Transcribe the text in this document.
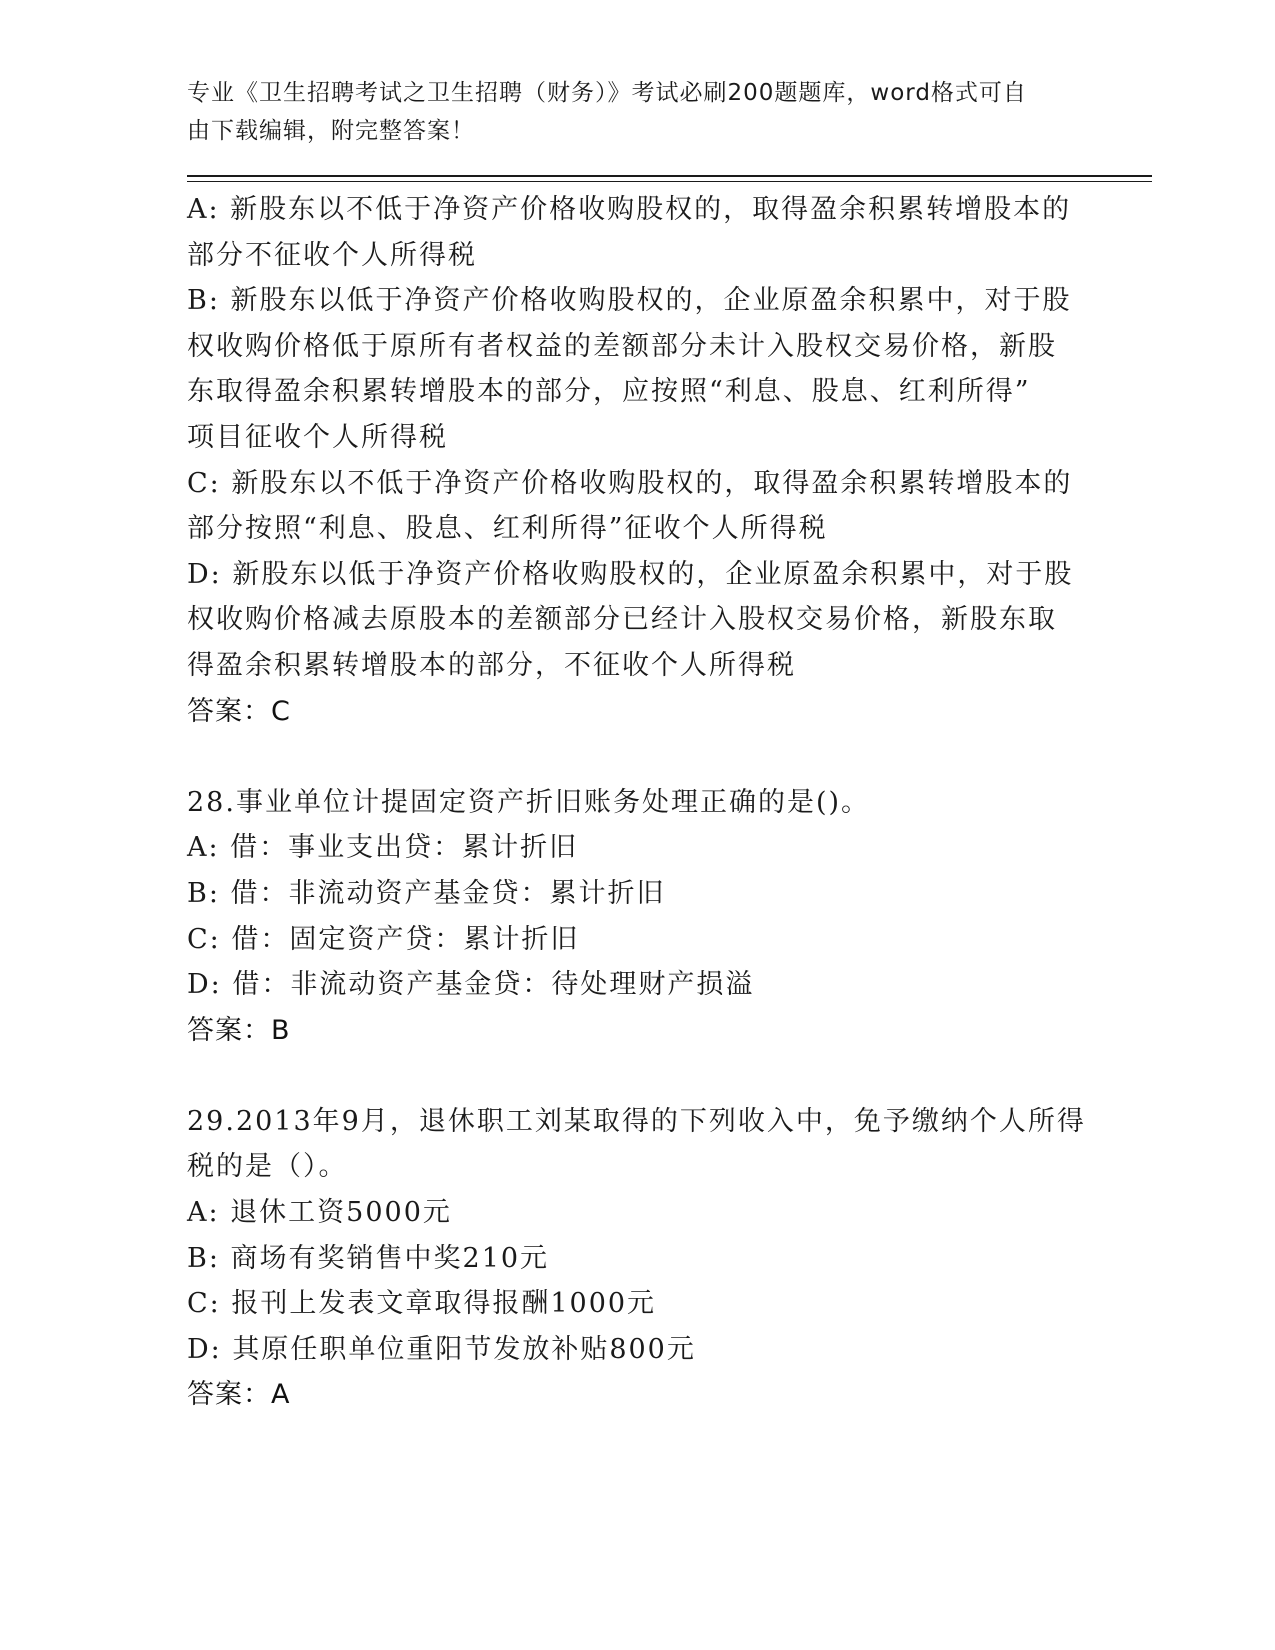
专业《卫生招聘考试之卫生招聘（财务）》考试必刷200题题库，word格式可自
由下载编辑，附完整答案！
A: 新股东以不低于净资产价格收购股权的，取得盈余积累转增股本的
部分不征收个人所得税
B: 新股东以低于净资产价格收购股权的，企业原盈余积累中，对于股
权收购价格低于原所有者权益的差额部分未计入股权交易价格，新股
东取得盈余积累转增股本的部分，应按照“利息、股息、红利所得”
项目征收个人所得税
C: 新股东以不低于净资产价格收购股权的，取得盈余积累转增股本的
部分按照“利息、股息、红利所得”征收个人所得税
D: 新股东以低于净资产价格收购股权的，企业原盈余积累中，对于股
权收购价格减去原股本的差额部分已经计入股权交易价格，新股东取
得盈余积累转增股本的部分，不征收个人所得税
答案：C
28.事业单位计提固定资产折旧账务处理正确的是()。
A: 借：事业支出贷：累计折旧
B: 借：非流动资产基金贷：累计折旧
C: 借：固定资产贷：累计折旧
D: 借：非流动资产基金贷：待处理财产损溢
答案：B
29.2013年9月，退休职工刘某取得的下列收入中，免予缴纳个人所得
税的是（）。
A: 退休工资5000元
B: 商场有奖销售中奖210元
C: 报刊上发表文章取得报酬1000元
D: 其原任职单位重阳节发放补贴800元
答案：A
